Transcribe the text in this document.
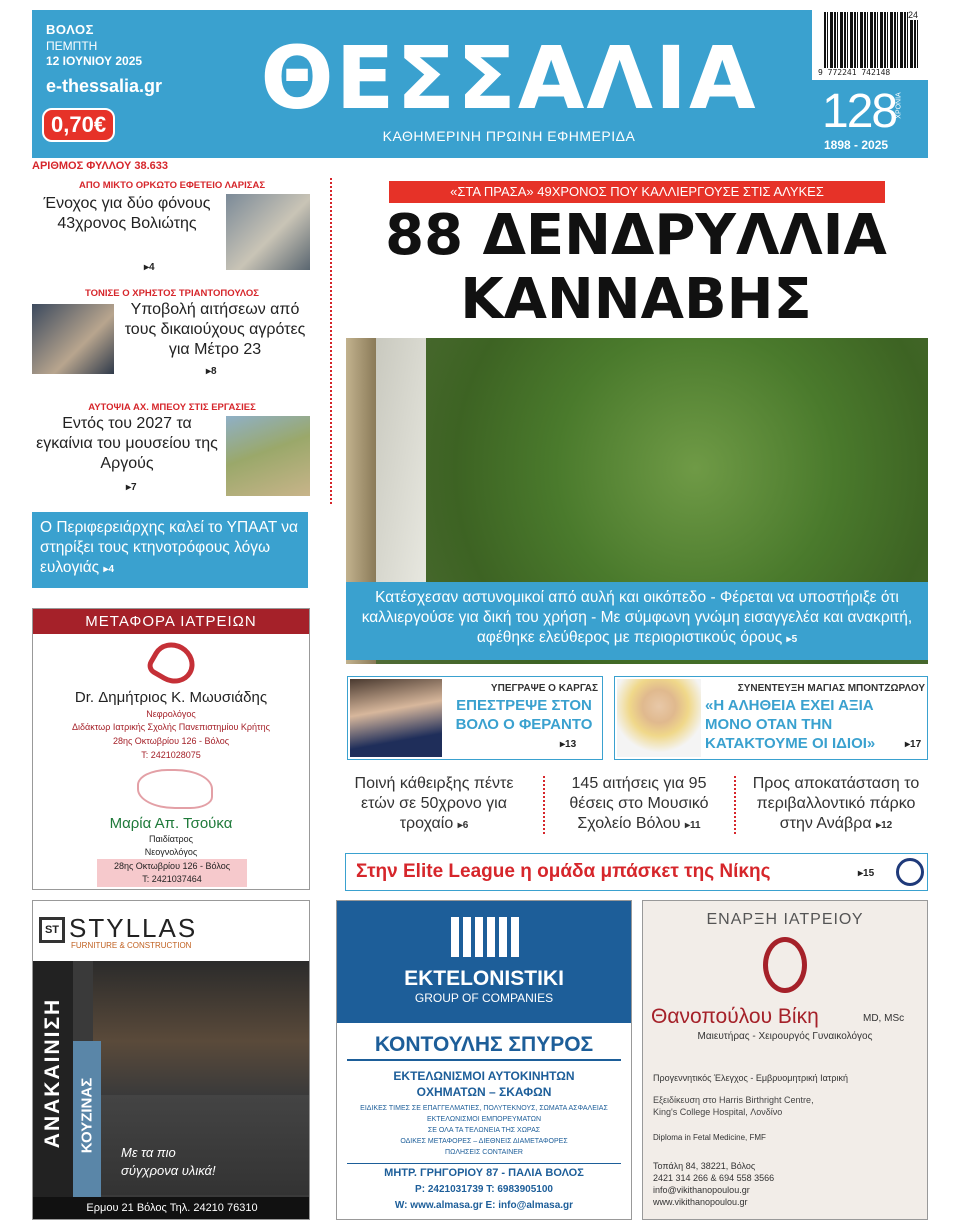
ΒΟΛΟΣ
ΠΕΜΠΤΗ
12 ΙΟΥΝΙΟΥ 2025
e-thessalia.gr
0,70€	ΘΕΣΣΑΛΙΑ
ΚΑΘΗΜΕΡΙΝΗ ΠΡΩΙΝΗ ΕΦΗΜΕΡΙΔΑ
24
9 772241 742148
128 ΧΡΟΝΙΑ
1898 - 2025
ΑΡΙΘΜΟΣ ΦΥΛΛΟΥ 38.633
ΑΠΟ ΜΙΚΤΟ ΟΡΚΩΤΟ ΕΦΕΤΕΙΟ ΛΑΡΙΣΑΣ
Ένοχος για δύο φόνους 43χρονος Βολιώτης
▸4
ΤΟΝΙΣΕ Ο ΧΡΗΣΤΟΣ ΤΡΙΑΝΤΟΠΟΥΛΟΣ
Υποβολή αιτήσεων από τους δικαιούχους αγρότες για Μέτρο 23
▸8
ΑΥΤΟΨΙΑ ΑΧ. ΜΠΕΟΥ ΣΤΙΣ ΕΡΓΑΣΙΕΣ
Εντός του 2027 τα εγκαίνια του μουσείου της Αργούς
▸7
Ο Περιφερειάρχης καλεί το ΥΠΑΑΤ να στηρίξει τους κτηνοτρόφους λόγω ευλογιάς ▸4
ΜΕΤΑΦΟΡΑ ΙΑΤΡΕΙΩΝ
Dr. Δημήτριος Κ. Μωυσιάδης
Νεφρολόγος
Διδάκτωρ Ιατρικής Σχολής Πανεπιστημίου Κρήτης
28ης Οκτωβρίου 126 - Βόλος
Τ: 2421028075
Μαρία Απ. Τσούκα
Παιδίατρος
Νεογνολόγος
28ης Οκτωβρίου 126 - Βόλος
Τ: 2421037464
«ΣΤΑ ΠΡΑΣΑ» 49ΧΡΟΝΟΣ ΠΟΥ ΚΑΛΛΙΕΡΓΟΥΣΕ ΣΤΙΣ ΑΛΥΚΕΣ
88 ΔΕΝΔΡΥΛΛΙΑ
ΚΑΝΝΑΒΗΣ
Κατέσχεσαν αστυνομικοί από αυλή και οικόπεδο - Φέρεται να υποστήριξε ότι καλλιεργούσε για δική του χρήση - Με σύμφωνη γνώμη εισαγγελέα και ανακριτή, αφέθηκε ελεύθερος με περιοριστικούς όρους ▸5
ΥΠΕΓΡΑΨΕ Ο ΚΑΡΓΑΣ
ΕΠΕΣΤΡΕΨΕ ΣΤΟΝ ΒΟΛΟ Ο ΦΕΡΑΝΤΟ
▸13
ΣΥΝΕΝΤΕΥΞΗ ΜΑΓΙΑΣ ΜΠΟΝΤΖΩΡΛΟΥ
«Η ΑΛΗΘΕΙΑ ΕΧΕΙ ΑΞΙΑ ΜΟΝΟ ΟΤΑΝ ΤΗΝ ΚΑΤΑΚΤΟΥΜΕ ΟΙ ΙΔΙΟΙ»	▸17
Ποινή κάθειρξης πέντε ετών σε 50χρονο για τροχαίο ▸6
145 αιτήσεις για 95 θέσεις στο Μουσικό Σχολείο Βόλου ▸11
Προς αποκατάσταση το περιβαλλοντικό πάρκο στην Ανάβρα ▸12
Στην Elite League η ομάδα μπάσκετ της Νίκης	▸15
ST STYLLAS
FURNITURE & CONSTRUCTION
ΑΝΑΚΑΙΝΙΣΗ ΚΟΥΖΙΝΑΣ Με τα πιο
σύγχρονα υλικά!
Ερμου 21 Βόλος Τηλ. 24210 76310
EKTELONISTIKI
GROUP OF COMPANIES
ΚΟΝΤΟΥΛΗΣ ΣΠΥΡΟΣ
ΕΚΤΕΛΩΝΙΣΜΟΙ ΑΥΤΟΚΙΝΗΤΩΝ
ΟΧΗΜΑΤΩΝ – ΣΚΑΦΩΝ
ΕΙΔΙΚΕΣ ΤΙΜΕΣ ΣΕ ΕΠΑΓΓΕΛΜΑΤΙΕΣ, ΠΟΛΥΤΕΚΝΟΥΣ, ΣΩΜΑΤΑ ΑΣΦΑΛΕΙΑΣ
ΕΚΤΕΛΩΝΙΣΜΟΙ ΕΜΠΟΡΕΥΜΑΤΩΝ
ΣΕ ΟΛΑ ΤΑ ΤΕΛΩΝΕΙΑ ΤΗΣ ΧΩΡΑΣ
ΟΔΙΚΕΣ ΜΕΤΑΦΟΡΕΣ – ΔΙΕΘΝΕΙΣ ΔΙΑΜΕΤΑΦΟΡΕΣ
ΠΩΛΗΣΕΙΣ CONTAINER
ΜΗΤΡ. ΓΡΗΓΟΡΙΟΥ 87 - ΠΑΛΙΑ ΒΟΛΟΣ
Ρ: 2421031739 Τ: 6983905100
W: www.almasa.gr E: info@almasa.gr
ΕΝΑΡΞΗ ΙΑΤΡΕΙΟΥ
Θανοπούλου Βίκη	MD, MSc
Μαιευτήρας - Χειρουργός Γυναικολόγος
Προγεννητικός Έλεγχος - Εμβρυομητρική Ιατρική
Εξειδίκευση στο Harris Birthright Centre,
King's College Hospital, Λονδίνο
Diploma in Fetal Medicine, FMF
Τοπάλη 84, 38221, Βόλος
2421 314 266 & 694 558 3566
info@vikithanopoulou.gr
www.vikithanopoulou.gr
